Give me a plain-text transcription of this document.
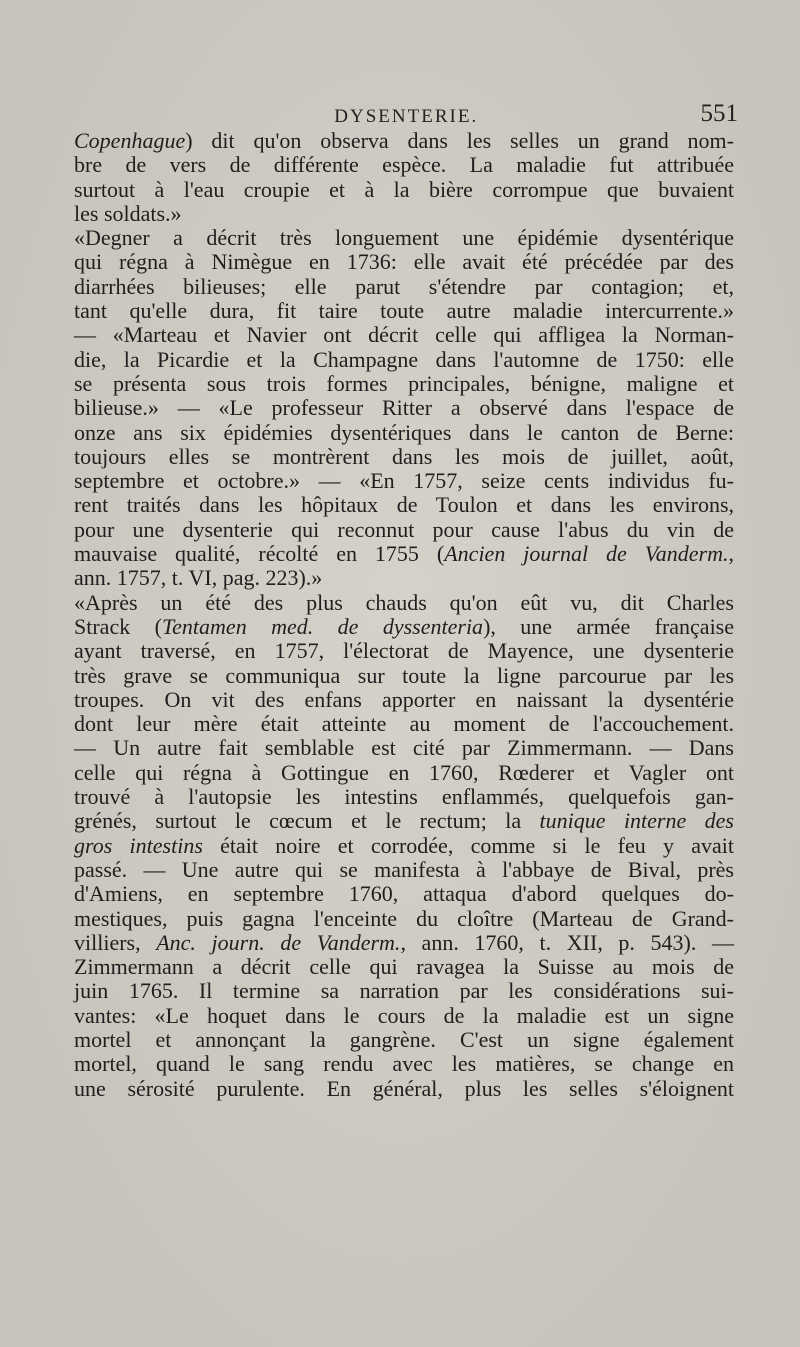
DYSENTERIE.	551

Copenhague) dit qu'on observa dans les selles un grand nom-
bre de vers de différente espèce. La maladie fut attribuée
surtout à l'eau croupie et à la bière corrompue que buvaient
les soldats.»

«Degner a décrit très longuement une épidémie dysentérique
qui régna à Nimègue en 1736: elle avait été précédée par des
diarrhées bilieuses; elle parut s'étendre par contagion; et,
tant qu'elle dura, fit taire toute autre maladie intercurrente.»
— «Marteau et Navier ont décrit celle qui affligea la Norman-
die, la Picardie et la Champagne dans l'automne de 1750: elle
se présenta sous trois formes principales, bénigne, maligne et
bilieuse.» — «Le professeur Ritter a observé dans l'espace de
onze ans six épidémies dysentériques dans le canton de Berne:
toujours elles se montrèrent dans les mois de juillet, août,
septembre et octobre.» — «En 1757, seize cents individus fu-
rent traités dans les hôpitaux de Toulon et dans les environs,
pour une dysenterie qui reconnut pour cause l'abus du vin de
mauvaise qualité, récolté en 1755 (Ancien journal de Vanderm.,
ann. 1757, t. VI, pag. 223).»

«Après un été des plus chauds qu'on eût vu, dit Charles
Strack (Tentamen med. de dyssenteria), une armée française
ayant traversé, en 1757, l'électorat de Mayence, une dysenterie
très grave se communiqua sur toute la ligne parcourue par les
troupes. On vit des enfans apporter en naissant la dysentérie
dont leur mère était atteinte au moment de l'accouchement.
— Un autre fait semblable est cité par Zimmermann. — Dans
celle qui régna à Gottingue en 1760, Rœderer et Vagler ont
trouvé à l'autopsie les intestins enflammés, quelquefois gan-
grénés, surtout le cœcum et le rectum; la tunique interne des
gros intestins était noire et corrodée, comme si le feu y avait
passé. — Une autre qui se manifesta à l'abbaye de Bival, près
d'Amiens, en septembre 1760, attaqua d'abord quelques do-
mestiques, puis gagna l'enceinte du cloître (Marteau de Grand-
villiers, Anc. journ. de Vanderm., ann. 1760, t. XII, p. 543). —
Zimmermann a décrit celle qui ravagea la Suisse au mois de
juin 1765. Il termine sa narration par les considérations sui-
vantes: «Le hoquet dans le cours de la maladie est un signe
mortel et annonçant la gangrène. C'est un signe également
mortel, quand le sang rendu avec les matières, se change en
une sérosité purulente. En général, plus les selles s'éloignent
